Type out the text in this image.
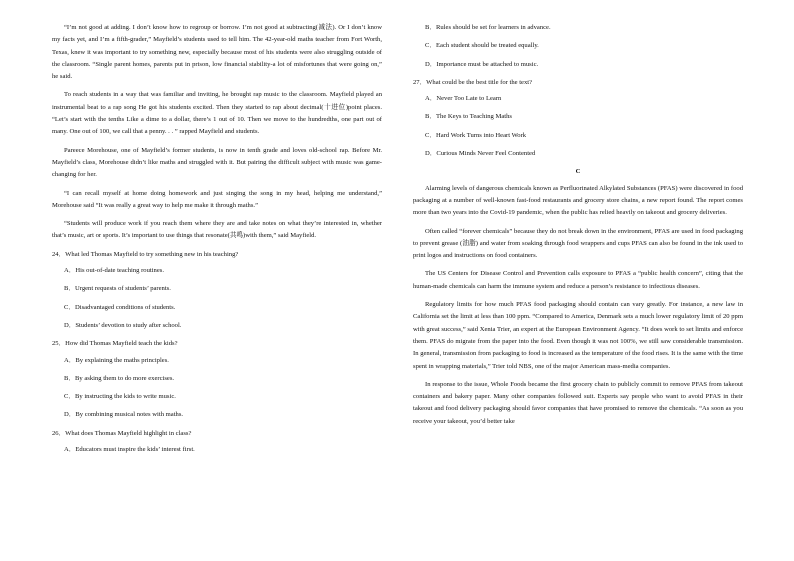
“I’m not good at adding. I don’t know how to regroup or borrow. I’m not good at subtracting(减法). Or I don’t know my facts yet, and I’m a fifth-grader,” Mayfield’s students used to tell him. The 42-year-old maths teacher from Fort Worth, Texas, knew it was important to try something new, especially because most of his students were also struggling outside of the classroom. “Single parent homes, parents put in prison, low financial stability-a lot of misfortunes that were going on,” he said.

To reach students in a way that was familiar and inviting, he brought rap music to the classroom. Mayfield played an instrumental beat to a rap song He got his students excited. Then they started to rap about decimal(十进位)point places. “Let’s start with the tenths Like a dime to a dollar, there’s 1 out of 10. Then we move to the hundredths, one part out of many. One out of 100, we call that a penny. . . ” rapped Mayfield and students.

Pareece Morehouse, one of Mayfield’s former students, is now in tenth grade and loves old-school rap. Before Mr. Mayfield’s class, Morehouse didn’t like maths and struggled with it. But pairing the difficult subject with music was game-changing for her.

“I can recall myself at home doing homework and just singing the song in my head, helping me understand,” Morehouse said “It was really a great way to help me make it through maths.”

“Students will produce work if you reach them where they are and take notes on what they’re interested in, whether that’s music, art or sports. It’s important to use things that resonate(共鸣)with them,” said Mayfield.

24．What led Thomas Mayfield to try something new in his teaching?

A．His out-of-date teaching routines.

B．Urgent requests of students’ parents.

C．Disadvantaged conditions of students.

D．Students’ devotion to study after school.

25．How did Thomas Mayfield teach the kids?

A．By explaining the maths principles.

B．By asking them to do more exercises.

C．By instructing the kids to write music.

D．By combining musical notes with maths.

26．What does Thomas Mayfield highlight in class?

A．Educators must inspire the kids’ interest first.

B．Rules should be set for learners in advance.

C．Each student should be treated equally.

D．Importance must be attached to music.

27．What could be the best title for the text?

A．Never Too Late to Learn

B．The Keys to Teaching Maths

C．Hard Work Turns into Heart Work

D．Curious Minds Never Feel Contented

C

Alarming levels of dangerous chemicals known as Perfluorinated Alkylated Substances (PFAS) were discovered in food packaging at a number of well-known fast-food restaurants and grocery store chains, a new report found. The report comes more than two years into the Covid-19 pandemic, when the public has relied heavily on takeout and grocery deliveries.

Often called “forever chemicals” because they do not break down in the environment, PFAS are used in food packaging to prevent grease (油脂) and water from soaking through food wrappers and cups PFAS can also be found in the ink used to print logos and instructions on food containers.

The US Centers for Disease Control and Prevention calls exposure to PFAS a “public health concern”, citing that the human-made chemicals can harm the immune system and reduce a person’s resistance to infectious diseases.

Regulatory limits for how much PFAS food packaging should contain can vary greatly. For instance, a new law in California set the limit at less than 100 ppm. “Compared to America, Denmark sets a much lower regulatory limit of 20 ppm with great success,” said Xenia Trier, an expert at the European Environment Agency. “It does work to set limits and enforce them. PFAS do migrate from the paper into the food. Even though it was not 100%, we still saw considerable transmission. In general, transmission from packaging to food is increased as the temperature of the food rises. It is the same with the time spent in wrapping materials,” Trier told NBS, one of the major American mass-media companies.

In response to the issue, Whole Foods became the first grocery chain to publicly commit to remove PFAS from takeout containers and bakery paper. Many other companies followed suit. Experts say people who want to avoid PFAS in their takeout and food delivery packaging should favor companies that have promised to remove the chemicals. “As soon as you receive your takeout, you’d better take
